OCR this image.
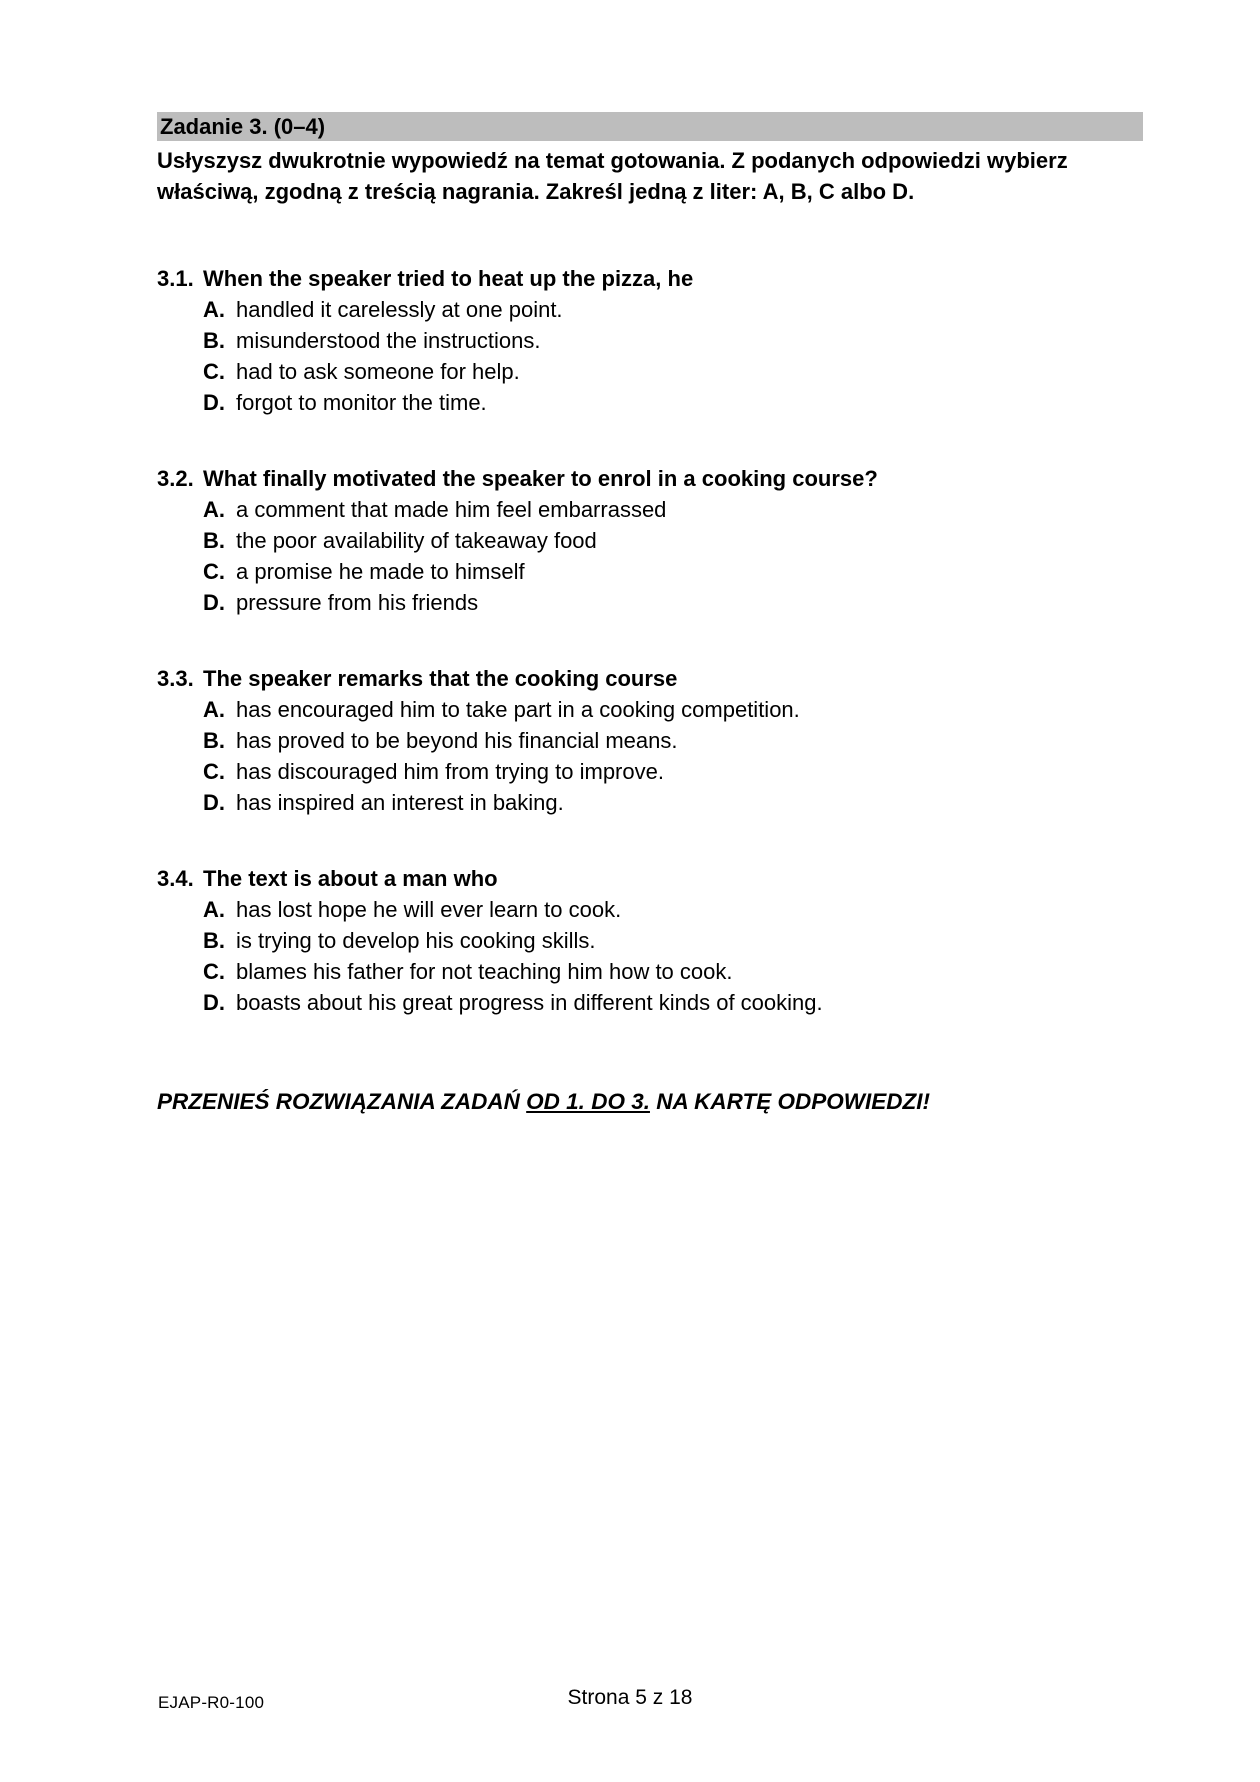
Zadanie 3. (0–4)
Usłyszysz dwukrotnie wypowiedź na temat gotowania. Z podanych odpowiedzi wybierz właściwą, zgodną z treścią nagrania. Zakreśl jedną z liter: A, B, C albo D.
3.1. When the speaker tried to heat up the pizza, he
A. handled it carelessly at one point.
B. misunderstood the instructions.
C. had to ask someone for help.
D. forgot to monitor the time.
3.2. What finally motivated the speaker to enrol in a cooking course?
A. a comment that made him feel embarrassed
B. the poor availability of takeaway food
C. a promise he made to himself
D. pressure from his friends
3.3. The speaker remarks that the cooking course
A. has encouraged him to take part in a cooking competition.
B. has proved to be beyond his financial means.
C. has discouraged him from trying to improve.
D. has inspired an interest in baking.
3.4. The text is about a man who
A. has lost hope he will ever learn to cook.
B. is trying to develop his cooking skills.
C. blames his father for not teaching him how to cook.
D. boasts about his great progress in different kinds of cooking.
PRZENIEŚ ROZWIĄZANIA ZADAŃ OD 1. DO 3. NA KARTĘ ODPOWIEDZI!
EJAP-R0-100	Strona 5 z 18
